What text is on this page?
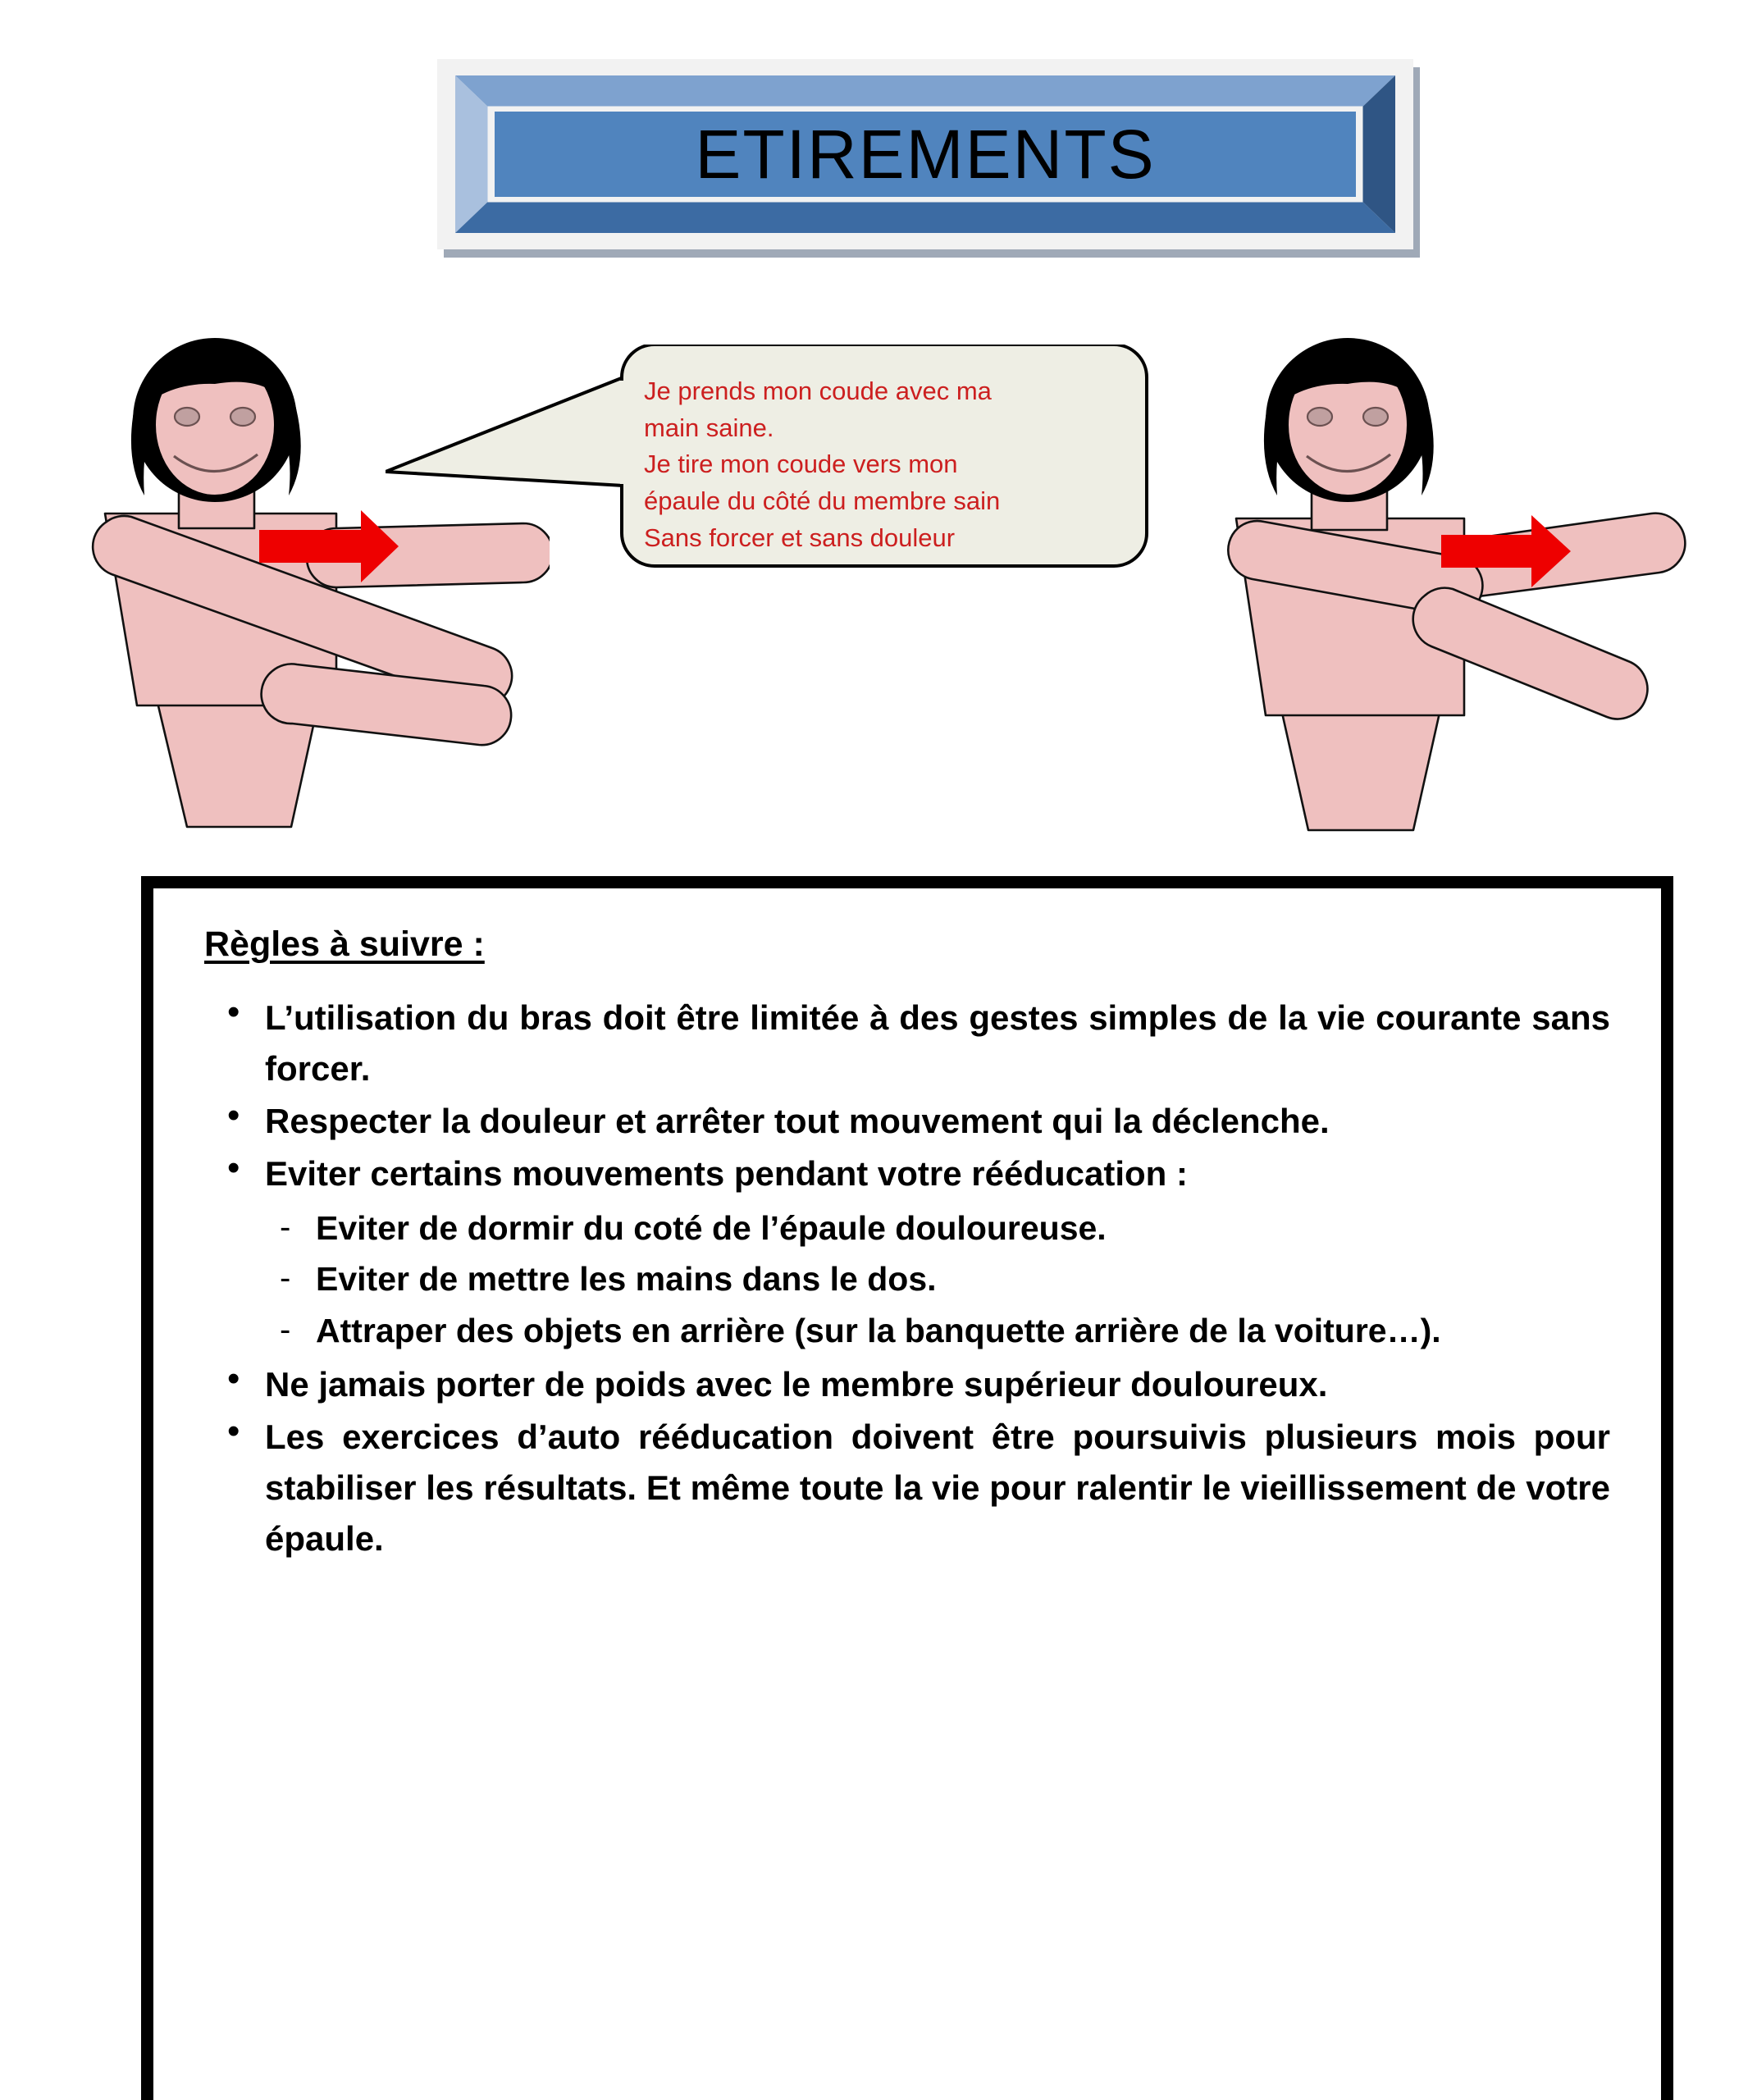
ETIREMENTS
Je prends mon coude avec ma
main saine.
Je tire mon coude vers mon
épaule du côté du membre sain
Sans forcer et sans douleur
Règles à suivre :
• L’utilisation du bras doit être limitée à des gestes simples de la vie courante sans forcer.
• Respecter la douleur et arrêter tout mouvement qui la déclenche.
• Eviter certains mouvements pendant votre rééducation :
- Eviter de dormir du coté de l’épaule douloureuse.
- Eviter de mettre les mains dans le dos.
- Attraper des objets en arrière (sur la banquette arrière de la voiture…).
• Ne jamais porter de poids avec le membre supérieur douloureux.
• Les exercices d’auto rééducation doivent être poursuivis plusieurs mois pour stabiliser les résultats. Et même toute la vie pour ralentir le vieillissement de votre épaule.
